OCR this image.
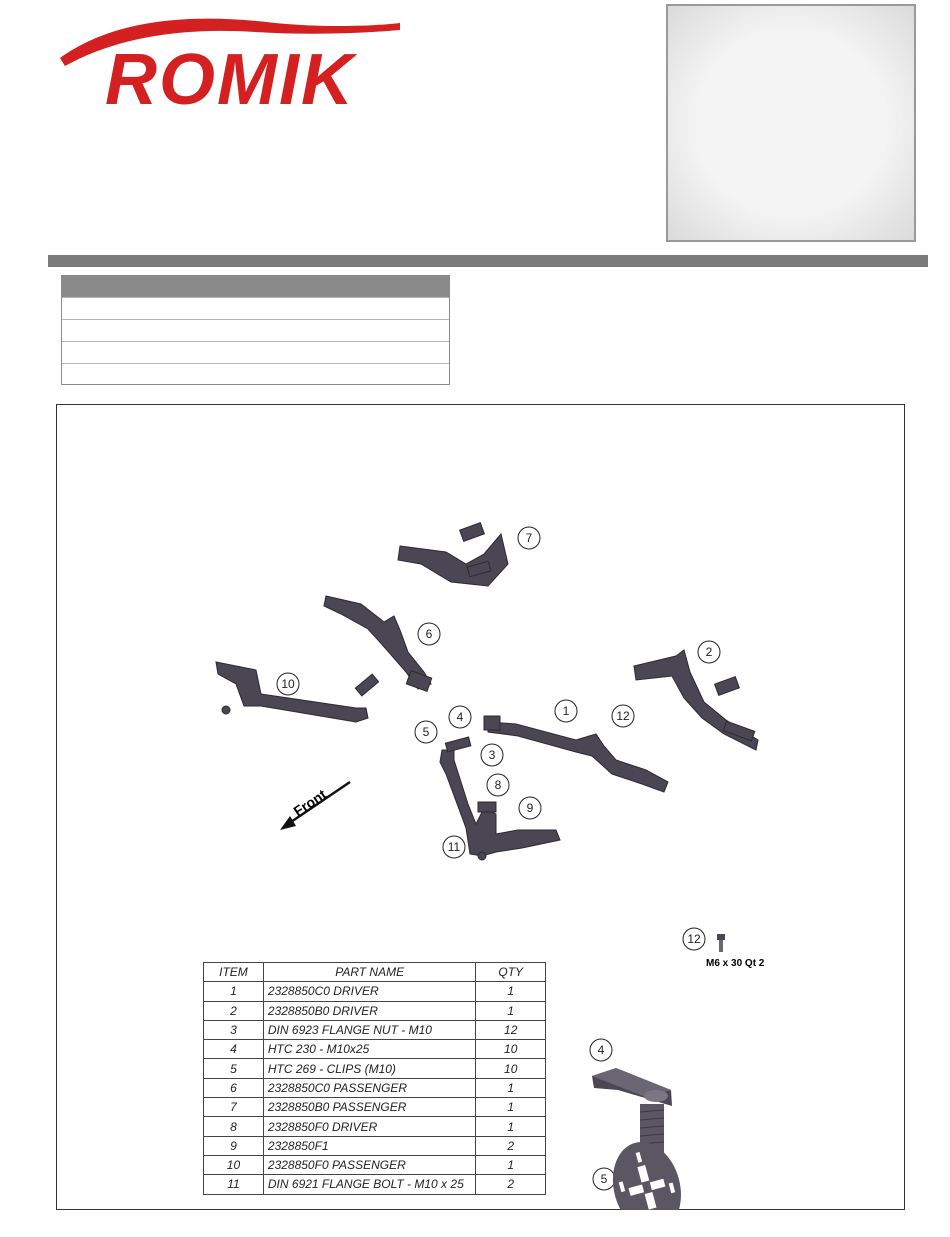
ROMIK
Front
1
2
3
4
5
6
7
8
9
10
11
12
12
4
5
M6 x 30 Qt 2
ITEM	PART NAME	QTY
1	2328850C0 DRIVER	1
2	2328850B0 DRIVER	1
3	DIN 6923 FLANGE NUT - M10	12
4	HTC 230 - M10x25	10
5	HTC 269 - CLIPS (M10)	10
6	2328850C0 PASSENGER	1
7	2328850B0 PASSENGER	1
8	2328850F0 DRIVER	1
9	2328850F1	2
10	2328850F0 PASSENGER	1
11	DIN 6921 FLANGE BOLT - M10 x 25	2
